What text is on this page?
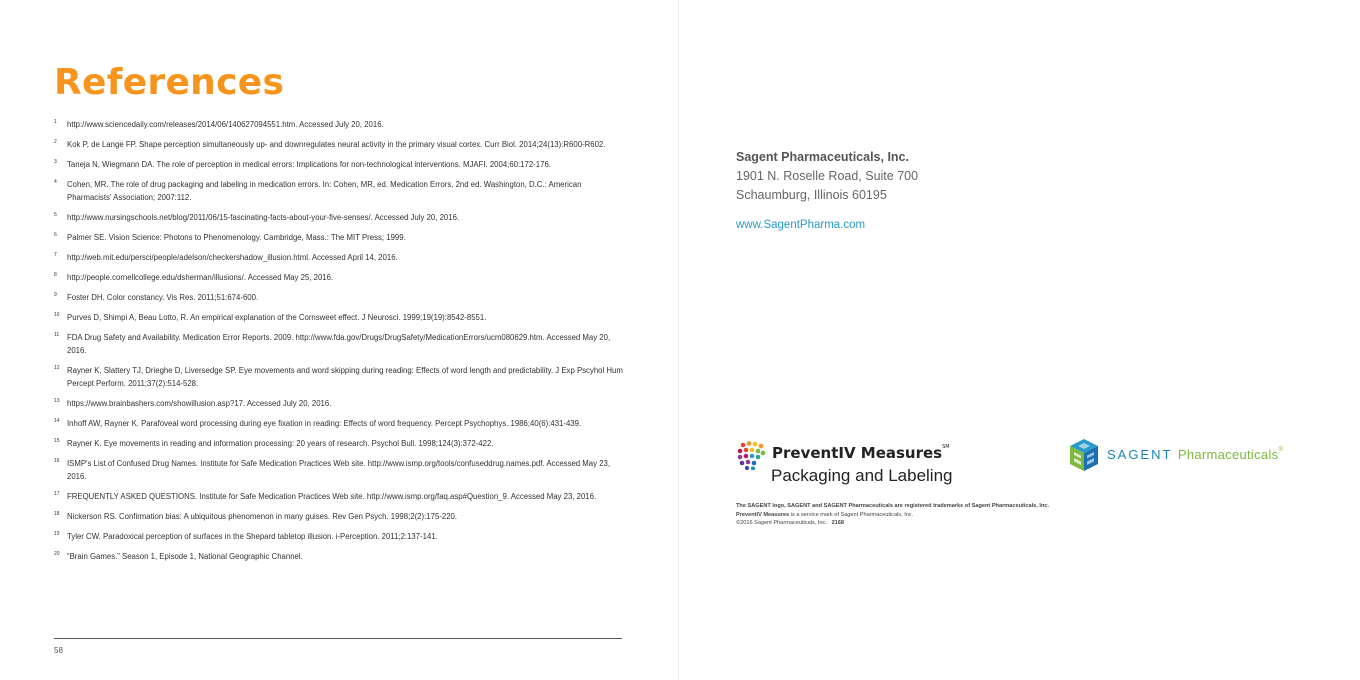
References
1 http://www.sciencedaily.com/releases/2014/06/140627094551.htm. Accessed July 20, 2016.
2 Kok P, de Lange FP. Shape perception simultaneously up- and downregulates neural activity in the primary visual cortex. Curr Biol. 2014;24(13):R600-R602.
3 Taneja N, Wiegmann DA. The role of perception in medical errors: Implications for non-technological interventions. MJAFI. 2004;60:172-176.
4 Cohen, MR. The role of drug packaging and labeling in medication errors. In: Cohen, MR, ed. Medication Errors, 2nd ed. Washington, D.C.: American Pharmacists' Association; 2007:112.
5 http://www.nursingschools.net/blog/2011/06/15-fascinating-facts-about-your-five-senses/. Accessed July 20, 2016.
6 Palmer SE. Vision Science: Photons to Phenomenology. Cambridge, Mass.: The MIT Press; 1999.
7 http://web.mit.edu/persci/people/adelson/checkershadow_illusion.html. Accessed April 14, 2016.
8 http://people.cornellcollege.edu/dsherman/illusions/. Accessed May 25, 2016.
9 Foster DH. Color constancy. Vis Res. 2011;51:674-600.
10 Purves D, Shimpi A, Beau Lotto, R. An empirical explanation of the Cornsweet effect. J Neurosci. 1999;19(19):8542-8551.
11 FDA Drug Safety and Availability. Medication Error Reports. 2009. http://www.fda.gov/Drugs/DrugSafety/MedicationErrors/ucm080629.htm. Accessed May 20, 2016.
12 Rayner K, Slattery TJ, Drieghe D, Liversedge SP. Eye movements and word skipping during reading: Effects of word length and predictability. J Exp Pscyhol Hum Percept Perform. 2011;37(2):514-528.
13 https://www.brainbashers.com/showillusion.asp?17. Accessed July 20, 2016.
14 Inhoff AW, Rayner K. Parafoveal word processing during eye fixation in reading: Effects of word frequency. Percept Psychophys. 1986;40(6):431-439.
15 Rayner K. Eye movements in reading and information processing: 20 years of research. Psychol Bull. 1998;124(3):372-422.
16 ISMP's List of Confused Drug Names. Institute for Safe Medication Practices Web site. http://www.ismp.org/tools/confuseddrug.names.pdf. Accessed May 23, 2016.
17 FREQUENTLY ASKED QUESTIONS. Institute for Safe Medication Practices Web site. http://www.ismp.org/faq.asp#Question_9. Accessed May 23, 2016.
18 Nickerson RS. Confirmation bias: A ubiquitous phenomenon in many guises. Rev Gen Psych. 1998;2(2):175-220.
19 Tyler CW. Paradoxical perception of surfaces in the Shepard tabletop illusion. i-Perception. 2011;2:137-141.
20 “Brain Games.” Season 1, Episode 1, National Geographic Channel.
58
Sagent Pharmaceuticals, Inc.
1901 N. Roselle Road, Suite 700
Schaumburg, Illinois 60195
www.SagentPharma.com
PreventIV Measures℠
Packaging and Labeling
SAGENT Pharmaceuticals®
The SAGENT logo, SAGENT and SAGENT Pharmaceuticals are registered trademarks of Sagent Pharmaceuticals, Inc.
PreventIV Measures is a service mark of Sagent Pharmaceuticals, Inc.
©2016 Sagent Pharmaceuticals, Inc. 2168
